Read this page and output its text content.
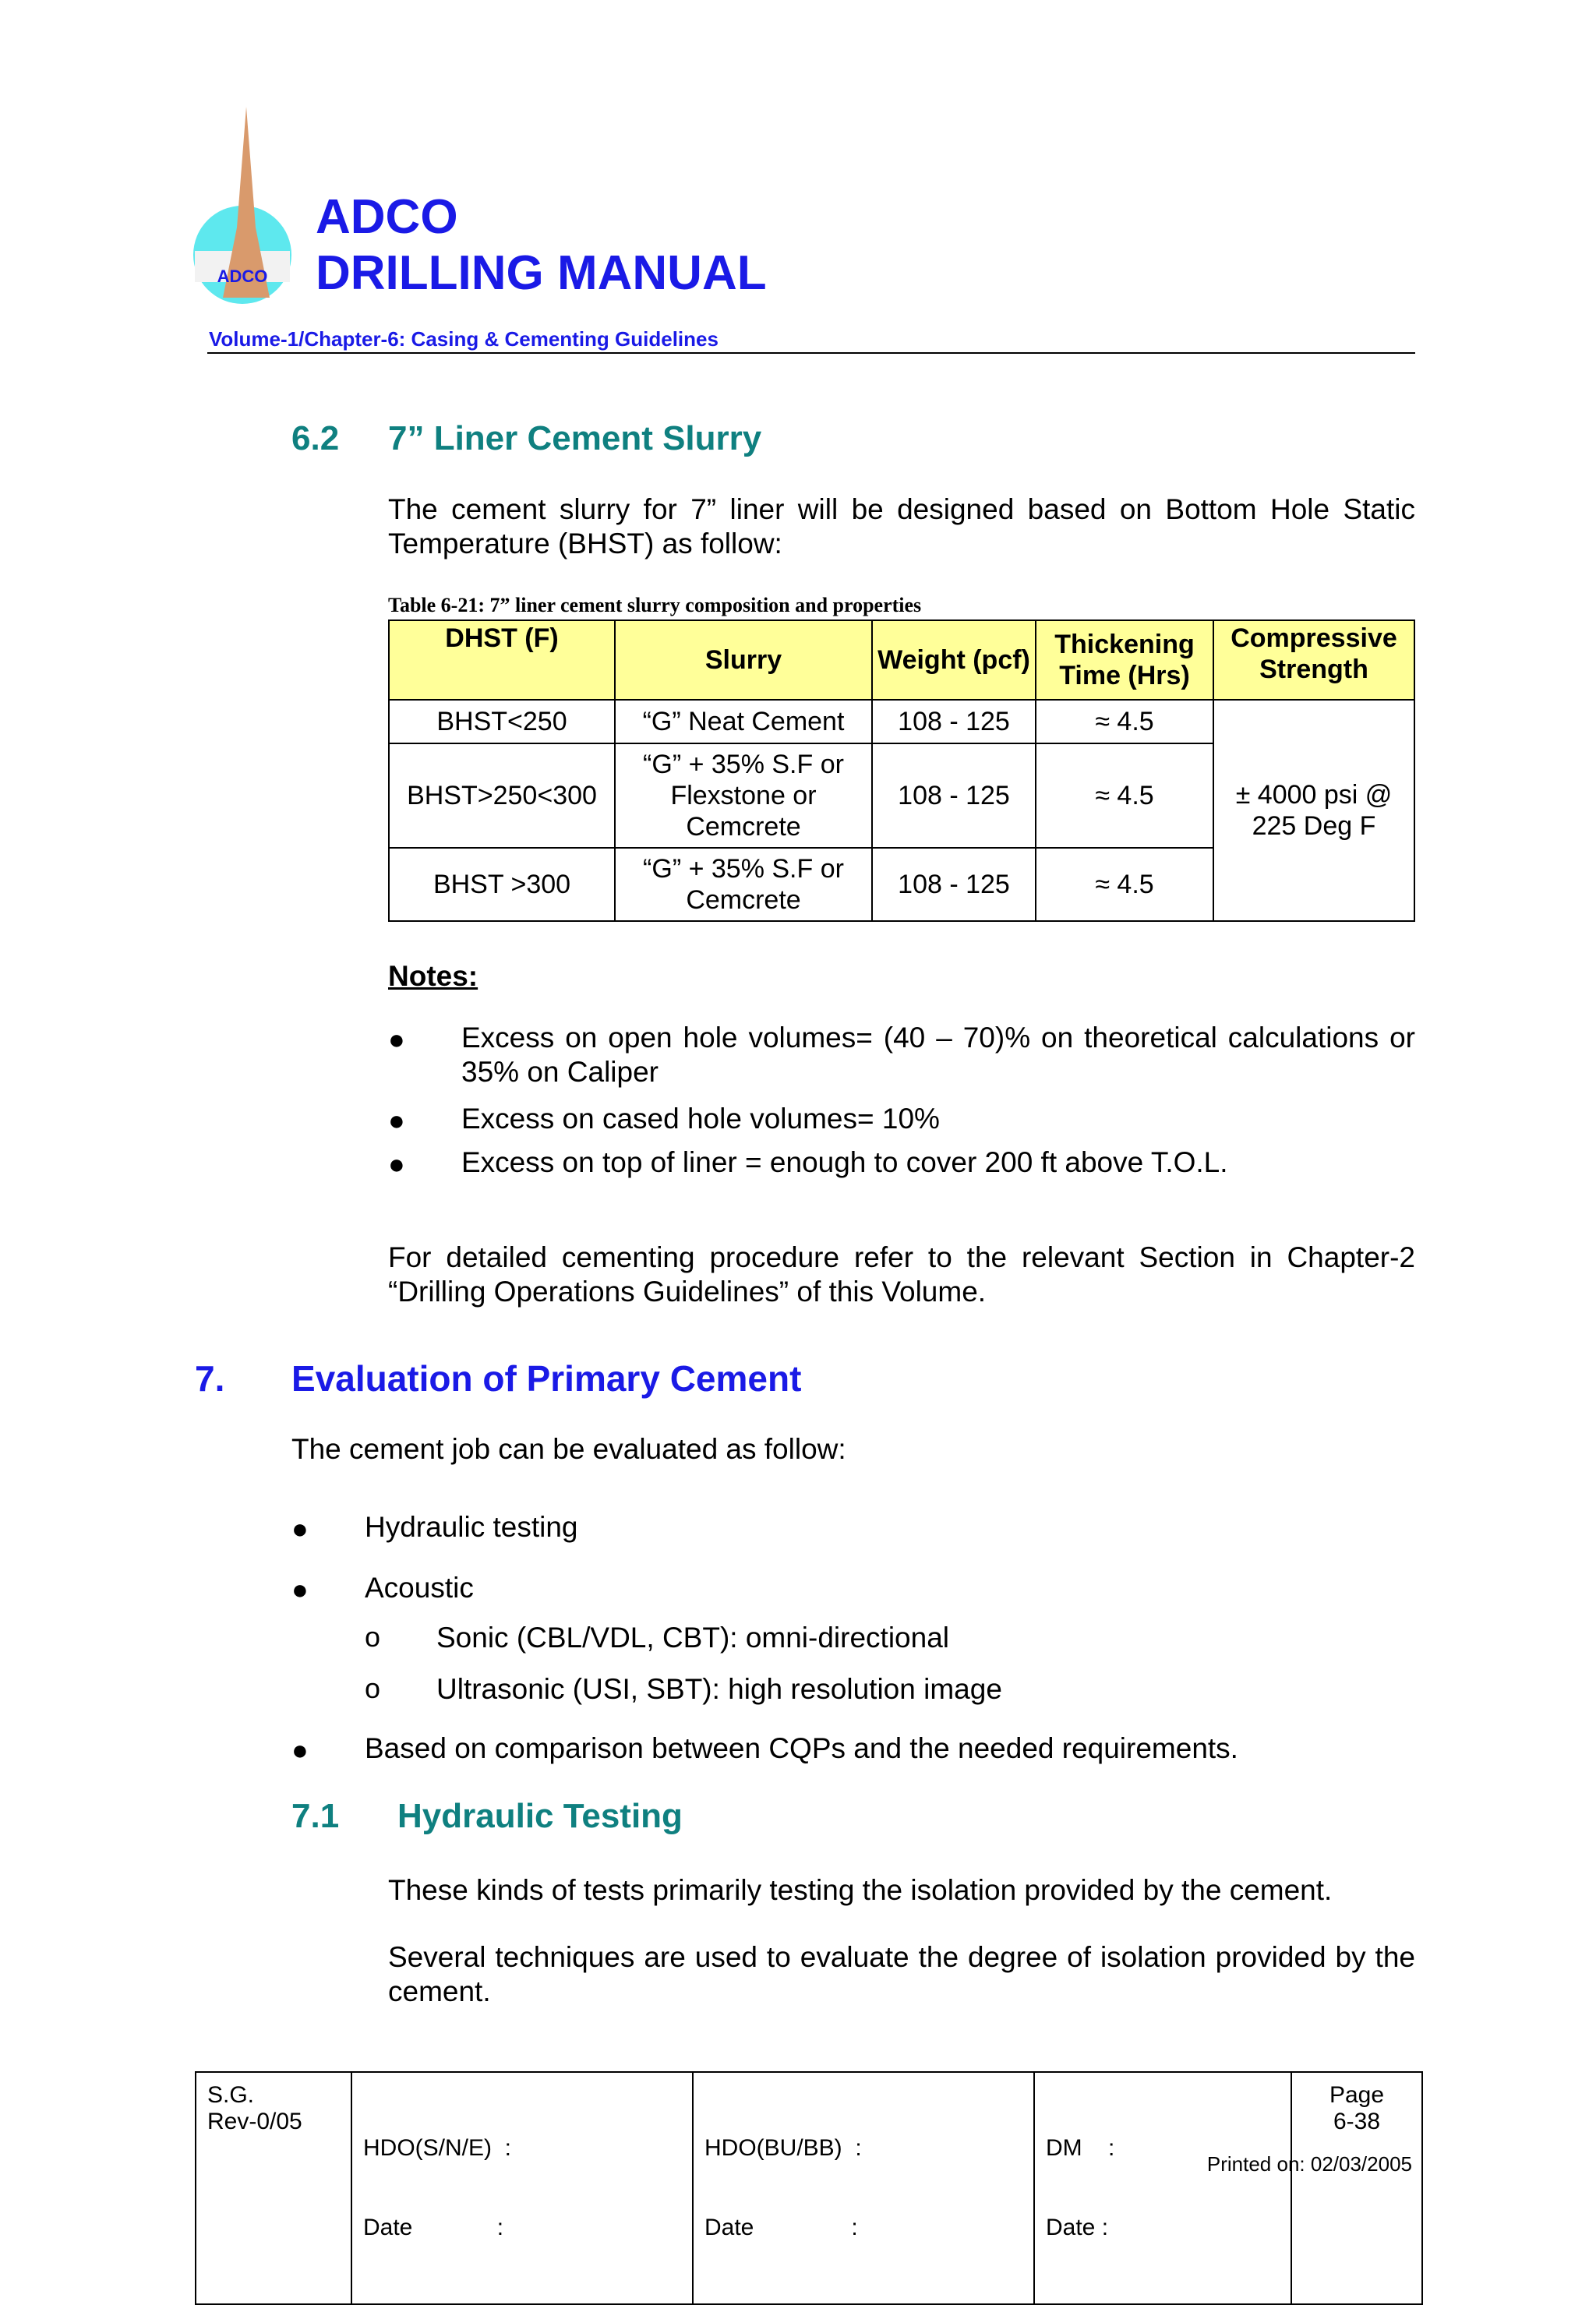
ADCO
ADCO
DRILLING MANUAL
Volume-1/Chapter-6: Casing & Cementing Guidelines
6.2 7” Liner Cement Slurry
The cement slurry for 7” liner will be designed based on Bottom Hole Static Temperature (BHST) as follow:
Table 6-21: 7” liner cement slurry composition and properties
DHST (F)	Slurry	Weight (pcf)	Thickening Time (Hrs)	Compressive Strength
BHST<250	“G” Neat Cement	108 - 125	≈ 4.5	± 4000 psi @ 225 Deg F
BHST>250<300	“G” + 35% S.F or Flexstone or Cemcrete	108 - 125	≈ 4.5	
BHST >300	“G” + 35% S.F or Cemcrete	108 - 125	≈ 4.5	
Notes:
● Excess on open hole volumes= (40 – 70)% on theoretical calculations or 35% on Caliper
● Excess on cased hole volumes= 10%
● Excess on top of liner = enough to cover 200 ft above T.O.L.
For detailed cementing procedure refer to the relevant Section in Chapter-2 “Drilling Operations Guidelines” of this Volume.
7. Evaluation of Primary Cement
The cement job can be evaluated as follow:
● Hydraulic testing
● Acoustic
o Sonic (CBL/VDL, CBT): omni-directional
o Ultrasonic (USI, SBT): high resolution image
● Based on comparison between CQPs and the needed requirements.
7.1 Hydraulic Testing
These kinds of tests primarily testing the isolation provided by the cement.
Several techniques are used to evaluate the degree of isolation provided by the cement.
S.G.
Rev-0/05

HDO(S/N/E)  :

Date             :

HDO(BU/BB)  :

Date               :

DM    :

Date :

Page
6-38
Printed on: 02/03/2005
